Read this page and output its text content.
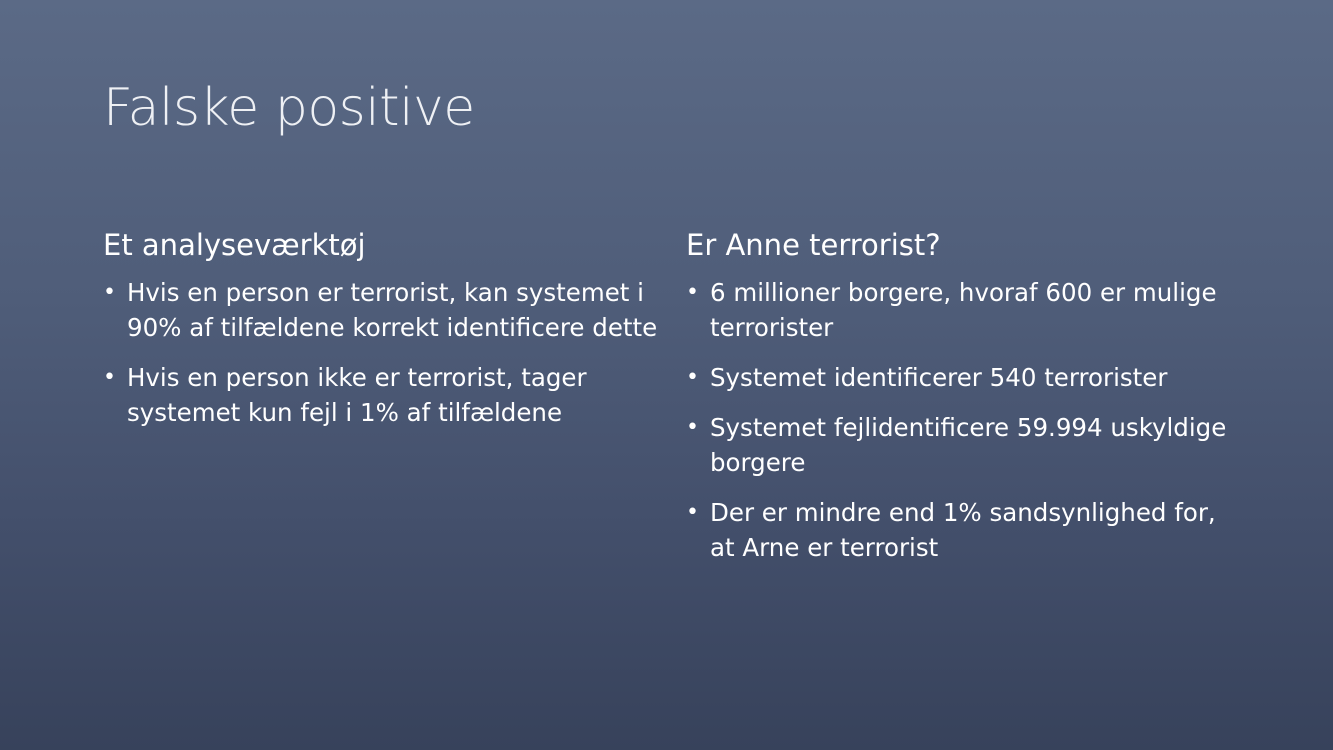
Falske positive
Et analyseværktøj
• Hvis en person er terrorist, kan systemet i 90% af tilfældene korrekt identificere dette
• Hvis en person ikke er terrorist, tager systemet kun fejl i 1% af tilfældene
Er Anne terrorist?
• 6 millioner borgere, hvoraf 600 er mulige terrorister
• Systemet identificerer 540 terrorister
• Systemet fejlidentificere 59.994 uskyldige borgere
• Der er mindre end 1% sandsynlighed for, at Arne er terrorist
